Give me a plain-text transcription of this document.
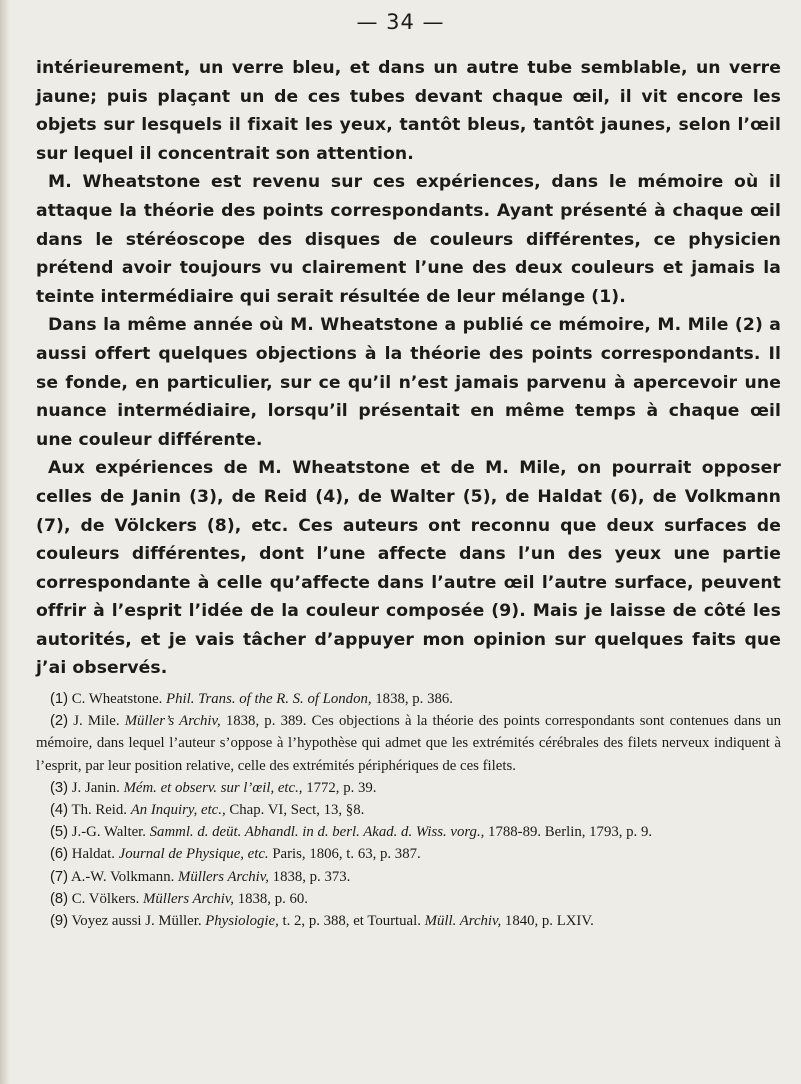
— 34 —

intérieurement, un verre bleu, et dans un autre tube semblable, un verre jaune; puis plaçant un de ces tubes devant chaque œil, il vit encore les objets sur lesquels il fixait les yeux, tantôt bleus, tantôt jaunes, selon l’œil sur lequel il concentrait son attention.

M. Wheatstone est revenu sur ces expériences, dans le mémoire où il attaque la théorie des points correspondants. Ayant présenté à chaque œil dans le stéréoscope des disques de couleurs différentes, ce physicien prétend avoir toujours vu clairement l’une des deux couleurs et jamais la teinte intermédiaire qui serait résultée de leur mélange (1).

Dans la même année où M. Wheatstone a publié ce mémoire, M. Mile (2) a aussi offert quelques objections à la théorie des points correspondants. Il se fonde, en particulier, sur ce qu’il n’est jamais parvenu à apercevoir une nuance intermédiaire, lorsqu’il présentait en même temps à chaque œil une couleur différente.

Aux expériences de M. Wheatstone et de M. Mile, on pourrait opposer celles de Janin (3), de Reid (4), de Walter (5), de Haldat (6), de Volkmann (7), de Völckers (8), etc. Ces auteurs ont reconnu que deux surfaces de couleurs différentes, dont l’une affecte dans l’un des yeux une partie correspondante à celle qu’affecte dans l’autre œil l’autre surface, peuvent offrir à l’esprit l’idée de la couleur composée (9). Mais je laisse de côté les autorités, et je vais tâcher d’appuyer mon opinion sur quelques faits que j’ai observés.

(1) C. Wheatstone. Phil. Trans. of the R. S. of London, 1838, p. 386.

(2) J. Mile. Müller’s Archiv, 1838, p. 389. Ces objections à la théorie des points correspondants sont contenues dans un mémoire, dans lequel l’auteur s’oppose à l’hypothèse qui admet que les extrémités cérébrales des filets nerveux indiquent à l’esprit, par leur position relative, celle des extrémités périphériques de ces filets.

(3) J. Janin. Mém. et observ. sur l’œil, etc., 1772, p. 39.

(4) Th. Reid. An Inquiry, etc., Chap. VI, Sect, 13, §8.

(5) J.-G. Walter. Samml. d. deüt. Abhandl. in d. berl. Akad. d. Wiss. vorg., 1788-89. Berlin, 1793, p. 9.

(6) Haldat. Journal de Physique, etc. Paris, 1806, t. 63, p. 387.

(7) A.-W. Volkmann. Müllers Archiv, 1838, p. 373.

(8) C. Völkers. Müllers Archiv, 1838, p. 60.

(9) Voyez aussi J. Müller. Physiologie, t. 2, p. 388, et Tourtual. Müll. Archiv, 1840, p. LXIV.
